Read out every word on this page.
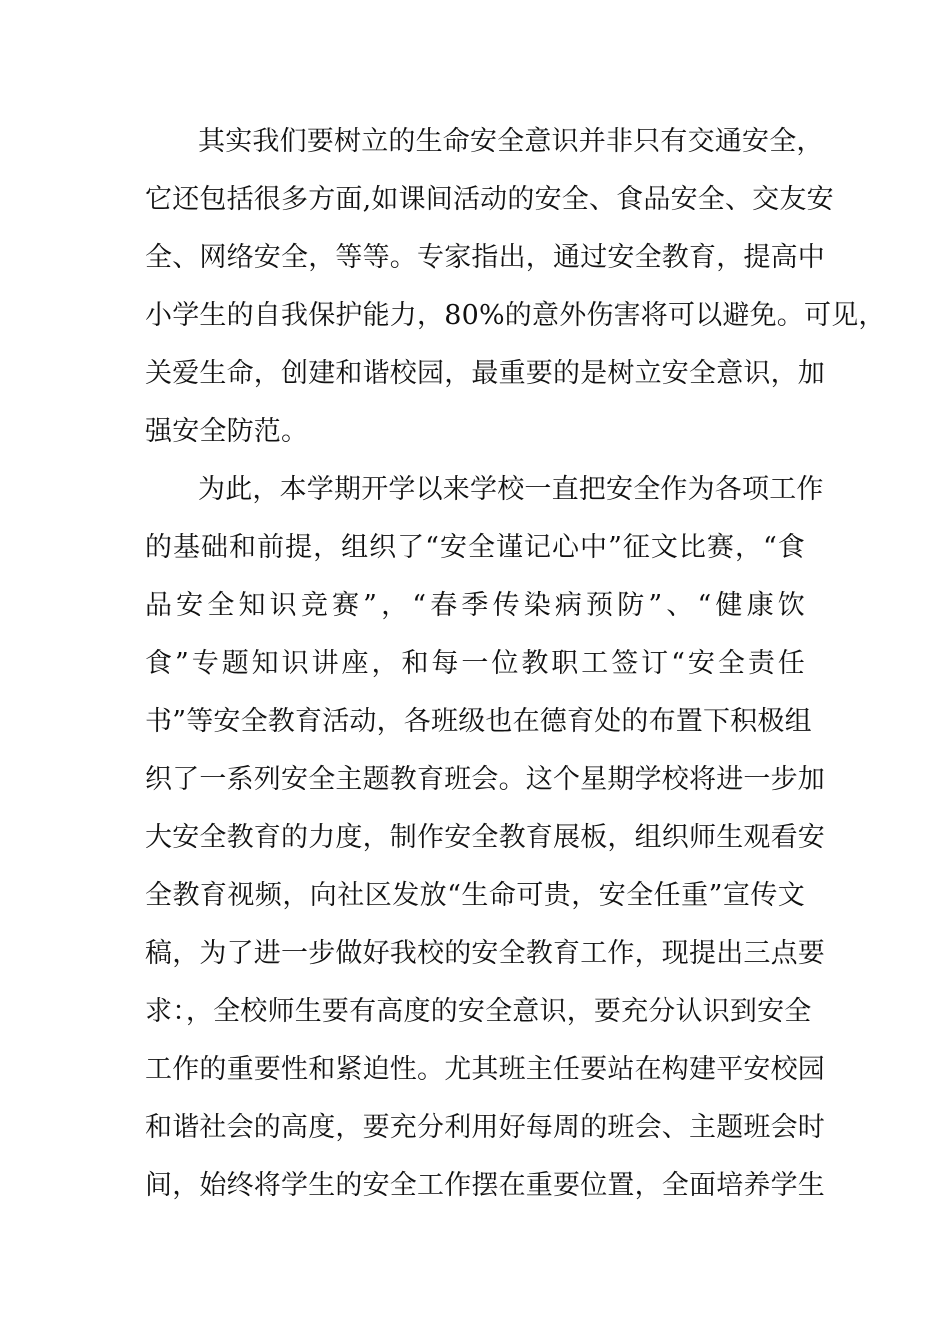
其实我们要树立的生命安全意识并非只有交通安全，
它还包括很多方面,如课间活动的安全、食品安全、交友安
全、网络安全，等等。专家指出，通过安全教育，提高中
小学生的自我保护能力，80%的意外伤害将可以避免。可见，
关爱生命，创建和谐校园，最重要的是树立安全意识，加
强安全防范。
为此，本学期开学以来学校一直把安全作为各项工作
的基础和前提，组织了“安全谨记心中”征文比赛，“食
品安全知识竞赛”，“春季传染病预防”、“健康饮
食”专题知识讲座，和每一位教职工签订“安全责任
书”等安全教育活动，各班级也在德育处的布置下积极组
织了一系列安全主题教育班会。这个星期学校将进一步加
大安全教育的力度，制作安全教育展板，组织师生观看安
全教育视频，向社区发放“生命可贵，安全任重”宣传文
稿，为了进一步做好我校的安全教育工作，现提出三点要
求：，全校师生要有高度的安全意识，要充分认识到安全
工作的重要性和紧迫性。尤其班主任要站在构建平安校园
和谐社会的高度，要充分利用好每周的班会、主题班会时
间，始终将学生的安全工作摆在重要位置，全面培养学生
